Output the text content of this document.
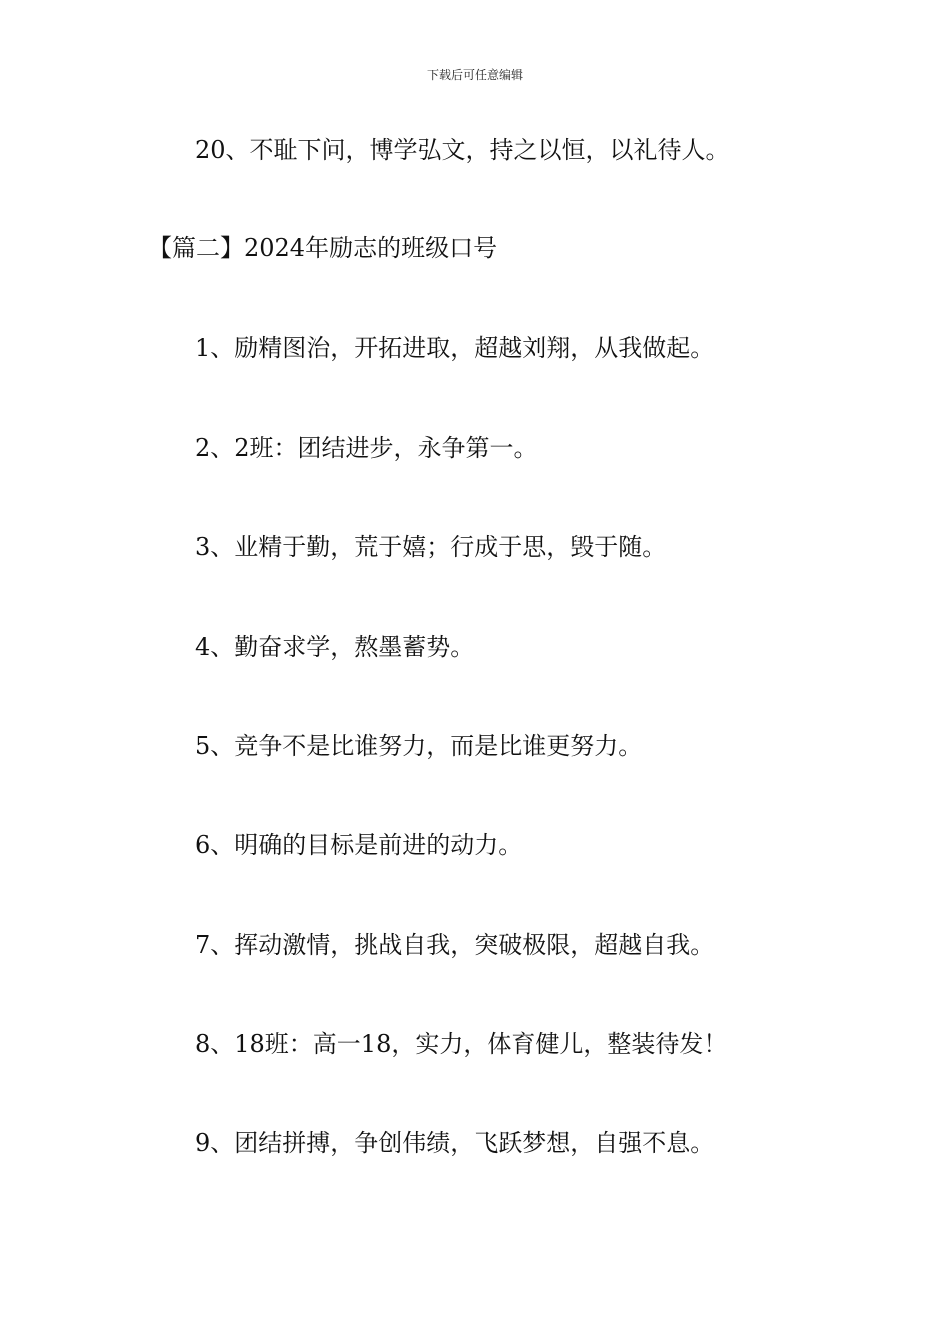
下载后可任意编辑
20、不耻下问，博学弘文，持之以恒，以礼待人。
【篇二】2024年励志的班级口号
1、励精图治，开拓进取，超越刘翔，从我做起。
2、2班：团结进步，永争第一。
3、业精于勤，荒于嬉；行成于思，毁于随。
4、勤奋求学，熬墨蓄势。
5、竞争不是比谁努力，而是比谁更努力。
6、明确的目标是前进的动力。
7、挥动激情，挑战自我，突破极限，超越自我。
8、18班：高一18，实力，体育健儿，整装待发！
9、团结拼搏，争创伟绩，飞跃梦想，自强不息。
